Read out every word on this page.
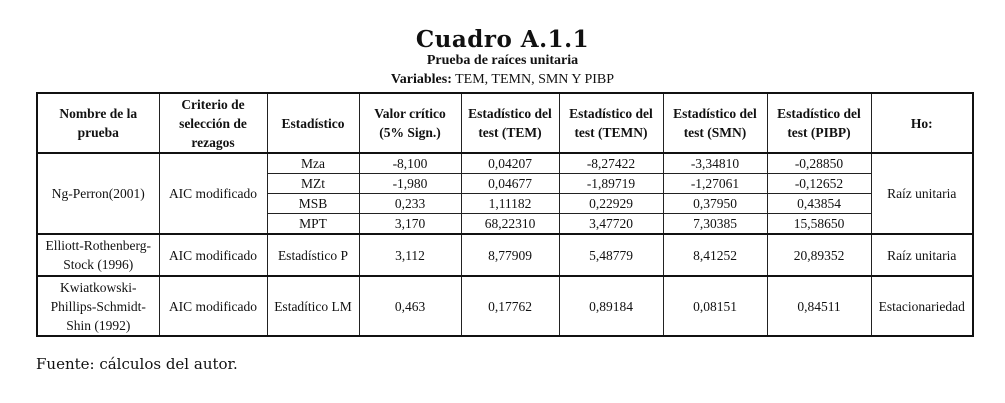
Cuadro A.1.1
Prueba de raíces unitaria
Variables: TEM, TEMN, SMN Y PIBP
Nombre de la prueba	Criterio de selección de rezagos	Estadístico	Valor crítico (5% Sign.)	Estadístico del test (TEM)	Estadístico del test (TEMN)	Estadístico del test (SMN)	Estadístico del test (PIBP)	Ho:
Ng-Perron(2001)	AIC modificado	Mza	-8,100	0,04207	-8,27422	-3,34810	-0,28850	Raíz unitaria
		MZt	-1,980	0,04677	-1,89719	-1,27061	-0,12652	
		MSB	0,233	1,11182	0,22929	0,37950	0,43854	
		MPT	3,170	68,22310	3,47720	7,30385	15,58650	
Elliott-Rothenberg-Stock (1996)	AIC modificado	Estadístico P	3,112	8,77909	5,48779	8,41252	20,89352	Raíz unitaria
Kwiatkowski-Phillips-Schmidt-Shin (1992)	AIC modificado	Estadítico LM	0,463	0,17762	0,89184	0,08151	0,84511	Estacionariedad
Fuente: cálculos del autor.
